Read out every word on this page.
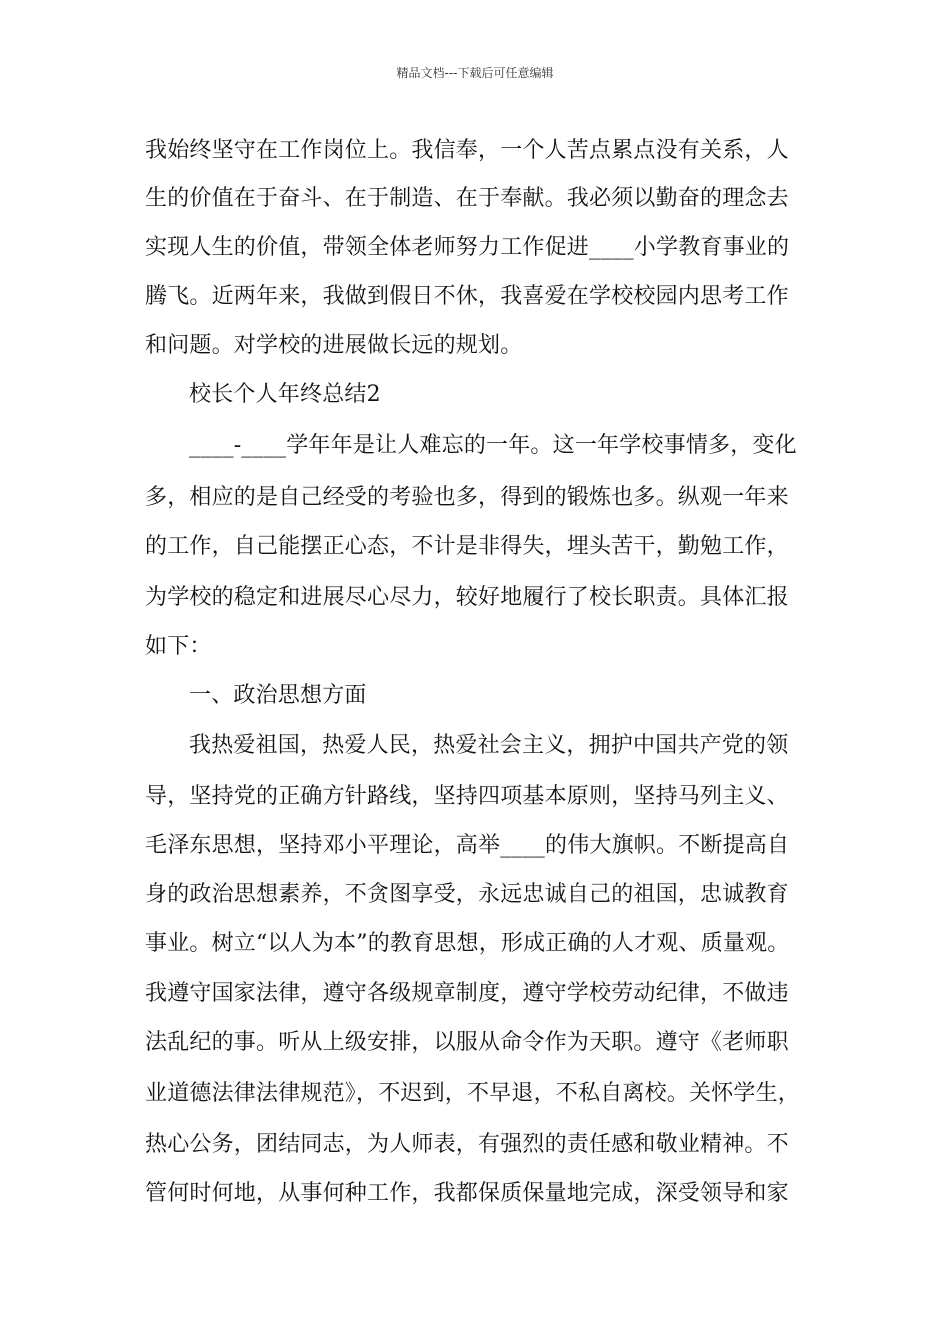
精品文档---下载后可任意编辑
我始终坚守在工作岗位上。我信奉，一个人苦点累点没有关系，人
生的价值在于奋斗、在于制造、在于奉献。我必须以勤奋的理念去
实现人生的价值，带领全体老师努力工作促进____小学教育事业的
腾飞。近两年来，我做到假日不休，我喜爱在学校校园内思考工作
和问题。对学校的进展做长远的规划。
校长个人年终总结2
____-____学年年是让人难忘的一年。这一年学校事情多，变化
多，相应的是自己经受的考验也多，得到的锻炼也多。纵观一年来
的工作，自己能摆正心态，不计是非得失，埋头苦干，勤勉工作，
为学校的稳定和进展尽心尽力，较好地履行了校长职责。具体汇报
如下：
一、政治思想方面
我热爱祖国，热爱人民，热爱社会主义，拥护中国共产党的领
导，坚持党的正确方针路线，坚持四项基本原则，坚持马列主义、
毛泽东思想，坚持邓小平理论，高举____的伟大旗帜。不断提高自
身的政治思想素养，不贪图享受，永远忠诚自己的祖国，忠诚教育
事业。树立“以人为本”的教育思想，形成正确的人才观、质量观。
我遵守国家法律，遵守各级规章制度，遵守学校劳动纪律，不做违
法乱纪的事。听从上级安排，以服从命令作为天职。遵守《老师职
业道德法律法律规范》，不迟到，不早退，不私自离校。关怀学生，
热心公务，团结同志，为人师表，有强烈的责任感和敬业精神。不
管何时何地，从事何种工作，我都保质保量地完成，深受领导和家
